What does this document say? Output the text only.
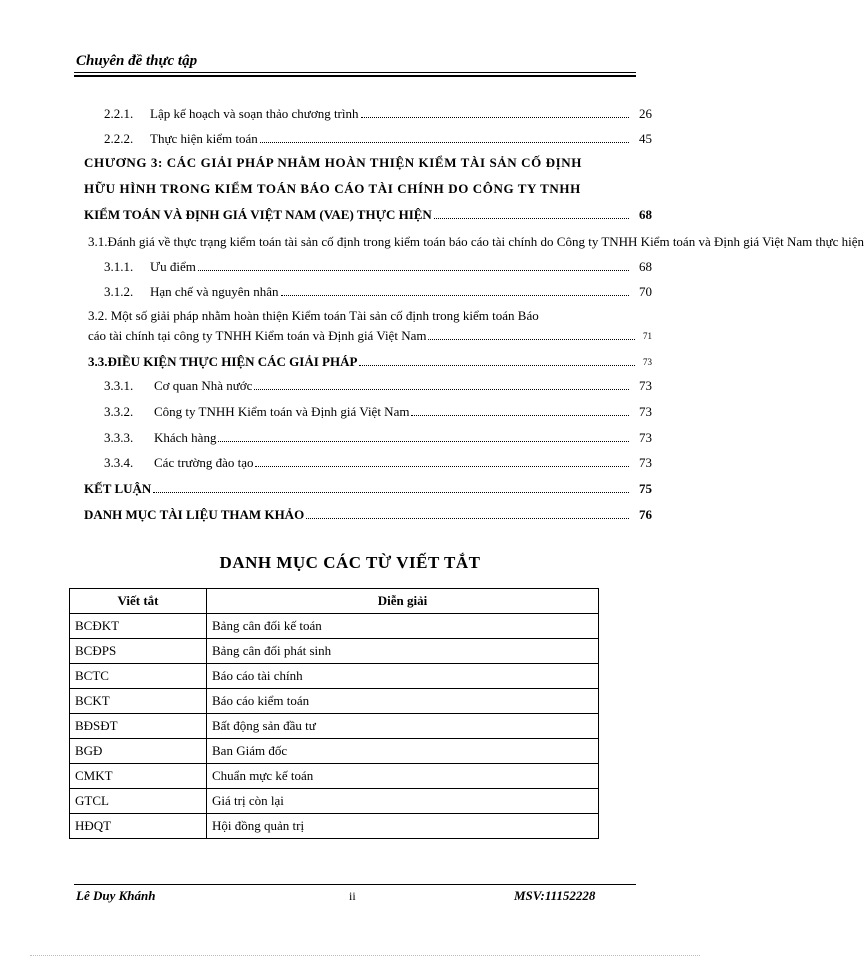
Chuyên đề thực tập
2.2.1.	Lập kế hoạch và soạn thảo chương trình	26
2.2.2.	Thực hiện kiểm toán	45
CHƯƠNG 3: CÁC GIẢI PHÁP NHẰM HOÀN THIỆN KIỂM TÀI SẢN CỐ ĐỊNH
HỮU HÌNH TRONG KIỂM TOÁN BÁO CÁO TÀI CHÍNH DO CÔNG TY TNHH
KIỂM TOÁN VÀ ĐỊNH GIÁ VIỆT NAM (VAE) THỰC HIỆN	68
3.1.Đánh giá về thực trạng kiểm toán tài sản cố định trong kiểm toán báo cáo tài chính do Công ty TNHH Kiểm toán và Định giá Việt Nam thực hiện
3.1.1.	Ưu điểm	68
3.1.2.	Hạn chế và nguyên nhân	70
3.2. Một số giải pháp nhằm hoàn thiện Kiểm toán Tài sản cố định trong kiểm toán Báo
cáo tài chính tại công ty TNHH Kiểm toán và Định giá Việt Nam	71
3.3.ĐIỀU KIỆN THỰC HIỆN CÁC GIẢI PHÁP	73
3.3.1.	Cơ quan Nhà nước	73
3.3.2.	Công ty TNHH Kiểm toán và Định giá Việt Nam	73
3.3.3.	Khách hàng	73
3.3.4.	Các trường đào tạo	73
KẾT LUẬN	75
DANH MỤC TÀI LIỆU THAM KHẢO	76
DANH MỤC CÁC TỪ VIẾT TẮT
Viết tắt	Diễn giải
BCĐKT	Bảng cân đối kế toán
BCĐPS	Bảng cân đối phát sinh
BCTC	Báo cáo tài chính
BCKT	Báo cáo kiểm toán
BĐSĐT	Bất động sản đầu tư
BGĐ	Ban Giám đốc
CMKT	Chuẩn mực kế toán
GTCL	Giá trị còn lại
HĐQT	Hội đồng quản trị
Lê Duy Khánh	ii	MSV:11152228
